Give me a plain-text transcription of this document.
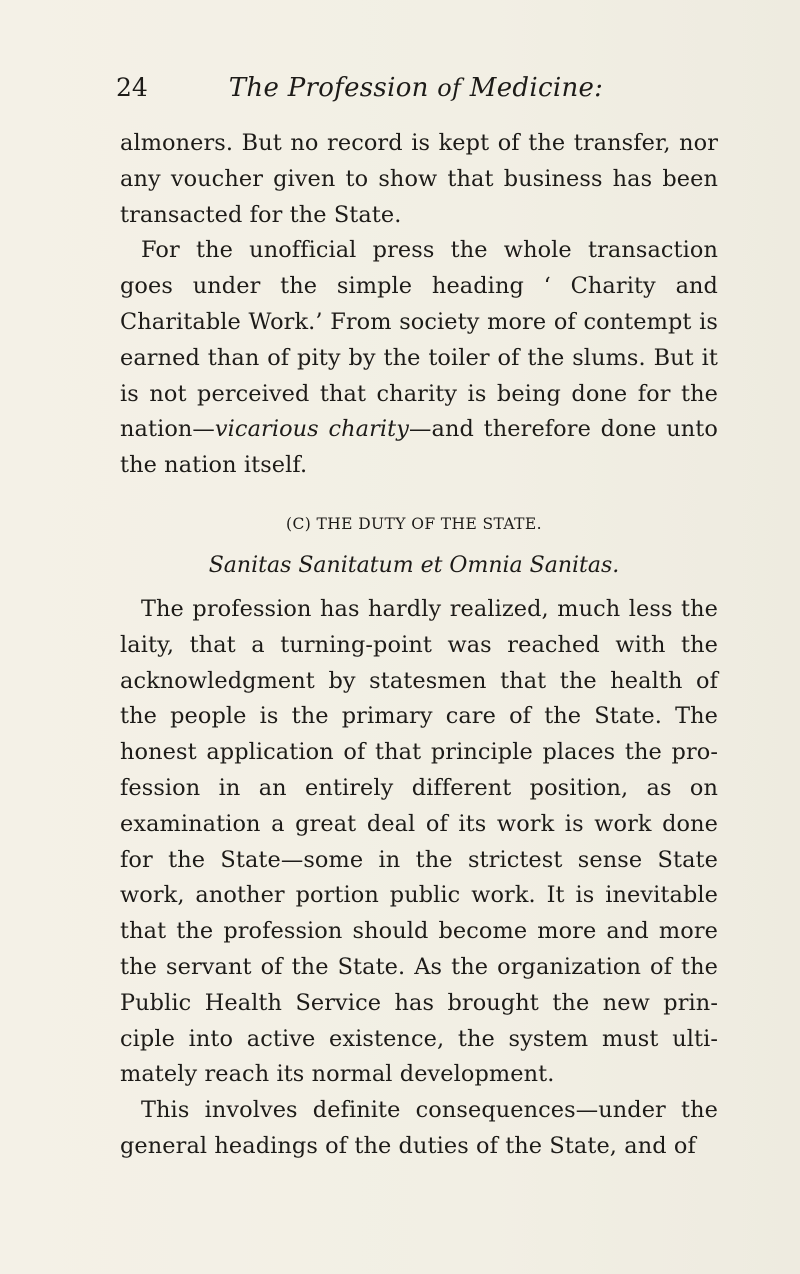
24	The Profession of Medicine:

almoners. But no record is kept of the transfer, nor any voucher given to show that business has been transacted for the State.

For the unofficial press the whole transaction goes under the simple heading ‘ Charity and Charitable Work.’ From society more of contempt is earned than of pity by the toiler of the slums. But it is not perceived that charity is being done for the nation—vicarious charity—and therefore done unto the nation itself.

(C) THE DUTY OF THE STATE.

Sanitas Sanitatum et Omnia Sanitas.

The profession has hardly realized, much less the laity, that a turning-point was reached with the acknowledgment by statesmen that the health of the people is the primary care of the State. The honest application of that principle places the pro-fession in an entirely different position, as on examination a great deal of its work is work done for the State—some in the strictest sense State work, another portion public work. It is inevitable that the profession should become more and more the servant of the State. As the organization of the Public Health Service has brought the new prin-ciple into active existence, the system must ulti-mately reach its normal development.

This involves definite consequences—under the general headings of the duties of the State, and of
